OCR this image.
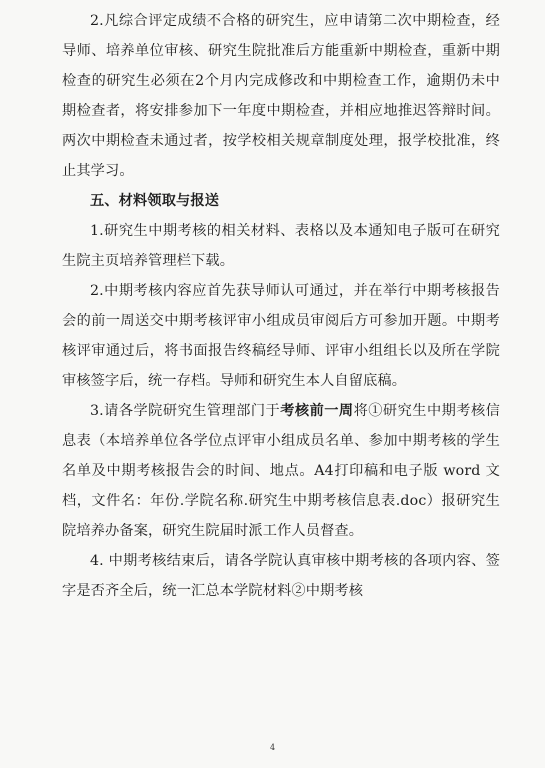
2.凡综合评定成绩不合格的研究生，应申请第二次中期检查，经导师、培养单位审核、研究生院批准后方能重新中期检查，重新中期检查的研究生必须在2个月内完成修改和中期检查工作，逾期仍未中期检查者，将安排参加下一年度中期检查，并相应地推迟答辩时间。两次中期检查未通过者，按学校相关规章制度处理，报学校批准，终止其学习。

五、材料领取与报送

1.研究生中期考核的相关材料、表格以及本通知电子版可在研究生院主页培养管理栏下载。

2.中期考核内容应首先获导师认可通过，并在举行中期考核报告会的前一周送交中期考核评审小组成员审阅后方可参加开题。中期考核评审通过后，将书面报告终稿经导师、评审小组组长以及所在学院审核签字后，统一存档。导师和研究生本人自留底稿。

3.请各学院研究生管理部门于考核前一周将①研究生中期考核信息表（本培养单位各学位点评审小组成员名单、参加中期考核的学生名单及中期考核报告会的时间、地点。A4打印稿和电子版 word 文档，文件名：年份.学院名称.研究生中期考核信息表.doc）报研究生院培养办备案，研究生院届时派工作人员督查。

4. 中期考核结束后，请各学院认真审核中期考核的各项内容、签字是否齐全后，统一汇总本学院材料②中期考核

4
